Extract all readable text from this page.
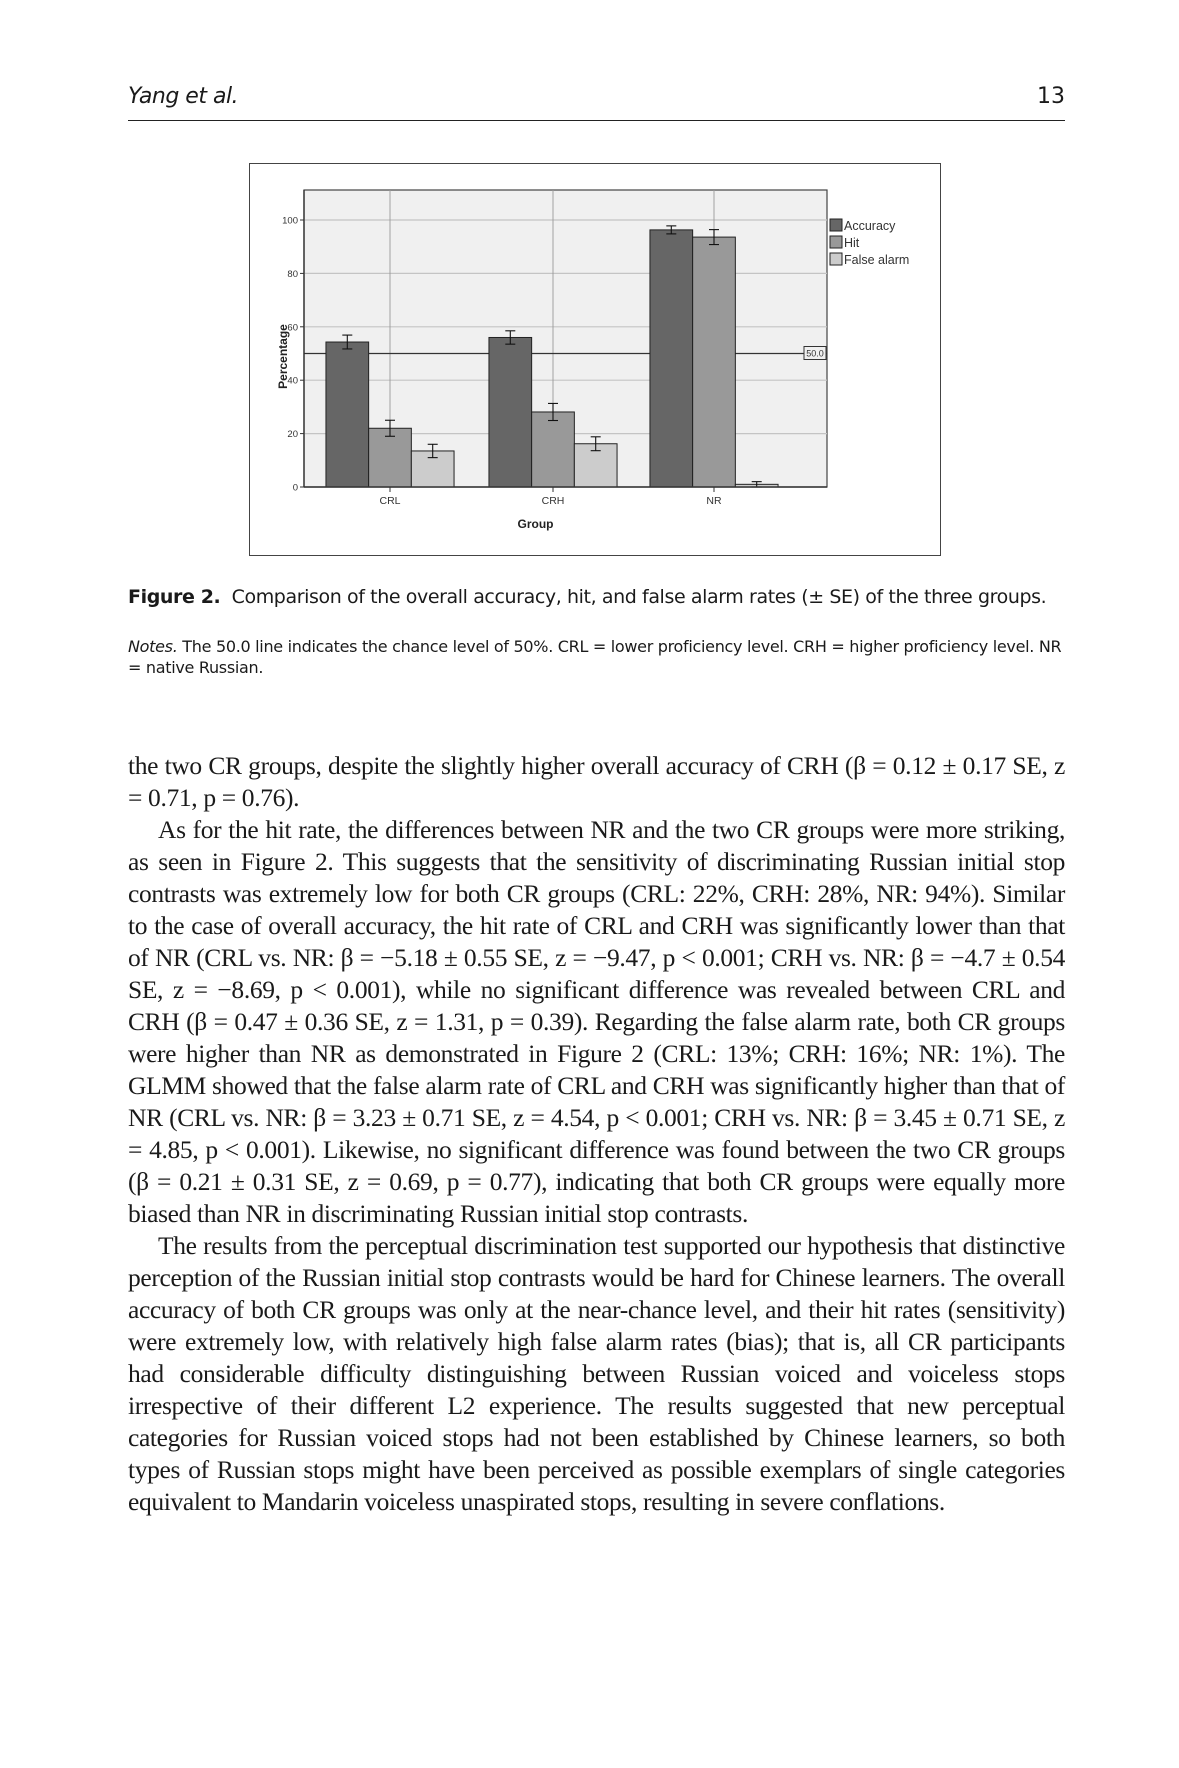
Yang et al.	13
0
20
40
60
80
100
CRL	CRH	NR
50.0
Group
Percentage
Accuracy
Hit
False alarm
Figure 2. Comparison of the overall accuracy, hit, and false alarm rates (± SE) of the three groups.
Notes. The 50.0 line indicates the chance level of 50%. CRL = lower proficiency level. CRH = higher proficiency level. NR = native Russian.

the two CR groups, despite the slightly higher overall accuracy of CRH (β = 0.12 ± 0.17 SE, z = 0.71, p = 0.76).

As for the hit rate, the differences between NR and the two CR groups were more striking, as seen in Figure 2. This suggests that the sensitivity of discriminating Russian initial stop contrasts was extremely low for both CR groups (CRL: 22%, CRH: 28%, NR: 94%). Similar to the case of overall accuracy, the hit rate of CRL and CRH was significantly lower than that of NR (CRL vs. NR: β = −5.18 ± 0.55 SE, z = −9.47, p < 0.001; CRH vs. NR: β = −4.7 ± 0.54 SE, z = −8.69, p < 0.001), while no significant difference was revealed between CRL and CRH (β = 0.47 ± 0.36 SE, z = 1.31, p = 0.39). Regarding the false alarm rate, both CR groups were higher than NR as demonstrated in Figure 2 (CRL: 13%; CRH: 16%; NR: 1%). The GLMM showed that the false alarm rate of CRL and CRH was significantly higher than that of NR (CRL vs. NR: β = 3.23 ± 0.71 SE, z = 4.54, p < 0.001; CRH vs. NR: β = 3.45 ± 0.71 SE, z = 4.85, p < 0.001). Likewise, no significant difference was found between the two CR groups (β = 0.21 ± 0.31 SE, z = 0.69, p = 0.77), indicating that both CR groups were equally more biased than NR in discriminating Russian initial stop contrasts.

The results from the perceptual discrimination test supported our hypothesis that distinctive perception of the Russian initial stop contrasts would be hard for Chinese learners. The overall accuracy of both CR groups was only at the near-chance level, and their hit rates (sensitivity) were extremely low, with relatively high false alarm rates (bias); that is, all CR participants had considerable difficulty distinguishing between Russian voiced and voiceless stops irrespective of their different L2 experience. The results suggested that new perceptual categories for Russian voiced stops had not been established by Chinese learners, so both types of Russian stops might have been perceived as possible exemplars of single categories equivalent to Mandarin voiceless unaspirated stops, resulting in severe conflations.
